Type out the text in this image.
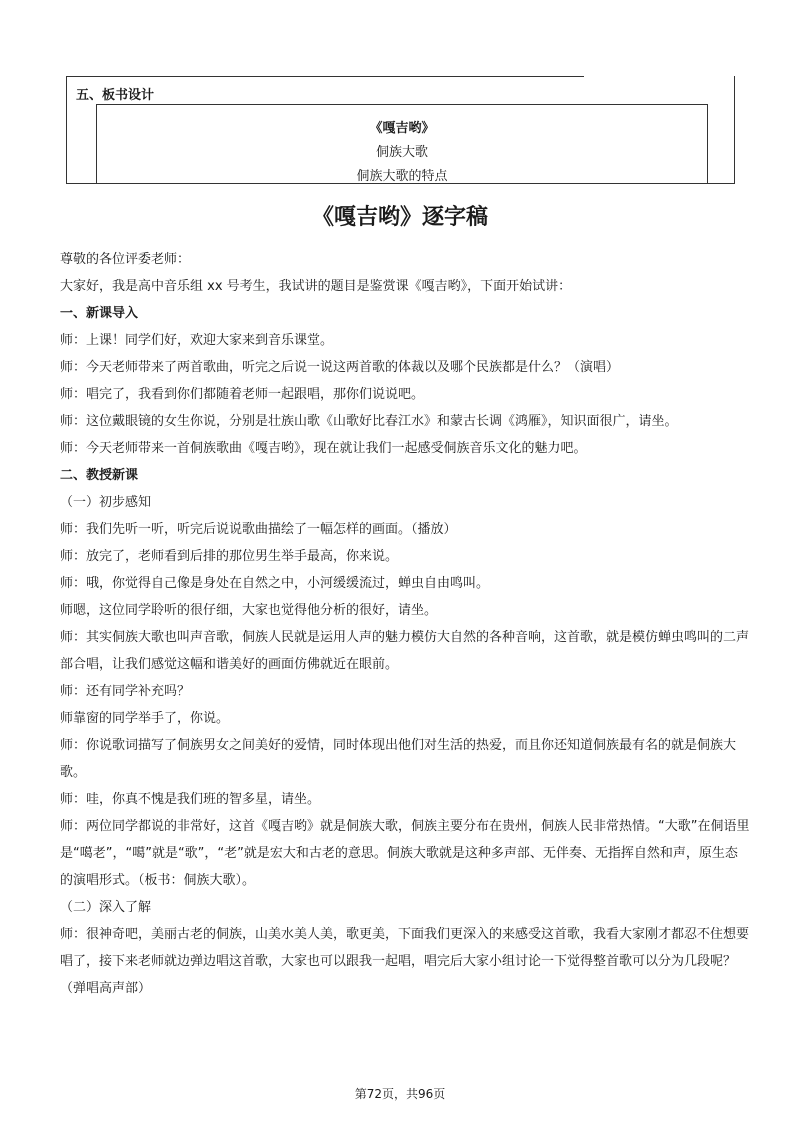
五、板书设计
《嘎吉哟》
侗族大歌
侗族大歌的特点
《嘎吉哟》逐字稿
尊敬的各位评委老师：
大家好，我是高中音乐组 xx 号考生，我试讲的题目是鉴赏课《嘎吉哟》，下面开始试讲：
一、新课导入
师：上课！同学们好，欢迎大家来到音乐课堂。
师：今天老师带来了两首歌曲，听完之后说一说这两首歌的体裁以及哪个民族都是什么？（演唱）
师：唱完了，我看到你们都随着老师一起跟唱，那你们说说吧。
师：这位戴眼镜的女生你说，分别是壮族山歌《山歌好比春江水》和蒙古长调《鸿雁》，知识面很广，请坐。
师：今天老师带来一首侗族歌曲《嘎吉哟》，现在就让我们一起感受侗族音乐文化的魅力吧。
二、教授新课
（一）初步感知
师：我们先听一听，听完后说说歌曲描绘了一幅怎样的画面。（播放）
师：放完了，老师看到后排的那位男生举手最高，你来说。
师：哦，你觉得自己像是身处在自然之中，小河缓缓流过，蝉虫自由鸣叫。
师嗯，这位同学聆听的很仔细，大家也觉得他分析的很好，请坐。
师：其实侗族大歌也叫声音歌，侗族人民就是运用人声的魅力模仿大自然的各种音响，这首歌，就是模仿蝉虫鸣叫的二声部合唱，让我们感觉这幅和谐美好的画面仿佛就近在眼前。
师：还有同学补充吗？
师靠窗的同学举手了，你说。
师：你说歌词描写了侗族男女之间美好的爱情，同时体现出他们对生活的热爱，而且你还知道侗族最有名的就是侗族大歌。
师：哇，你真不愧是我们班的智多星，请坐。
师：两位同学都说的非常好，这首《嘎吉哟》就是侗族大歌，侗族主要分布在贵州，侗族人民非常热情。“大歌”在侗语里是“噶老”，“噶”就是“歌”，“老”就是宏大和古老的意思。侗族大歌就是这种多声部、无伴奏、无指挥自然和声，原生态的演唱形式。（板书：侗族大歌）。
（二）深入了解
师：很神奇吧，美丽古老的侗族，山美水美人美，歌更美，下面我们更深入的来感受这首歌，我看大家刚才都忍不住想要唱了，接下来老师就边弹边唱这首歌，大家也可以跟我一起唱，唱完后大家小组讨论一下觉得整首歌可以分为几段呢？（弹唱高声部）
第72页，共96页
